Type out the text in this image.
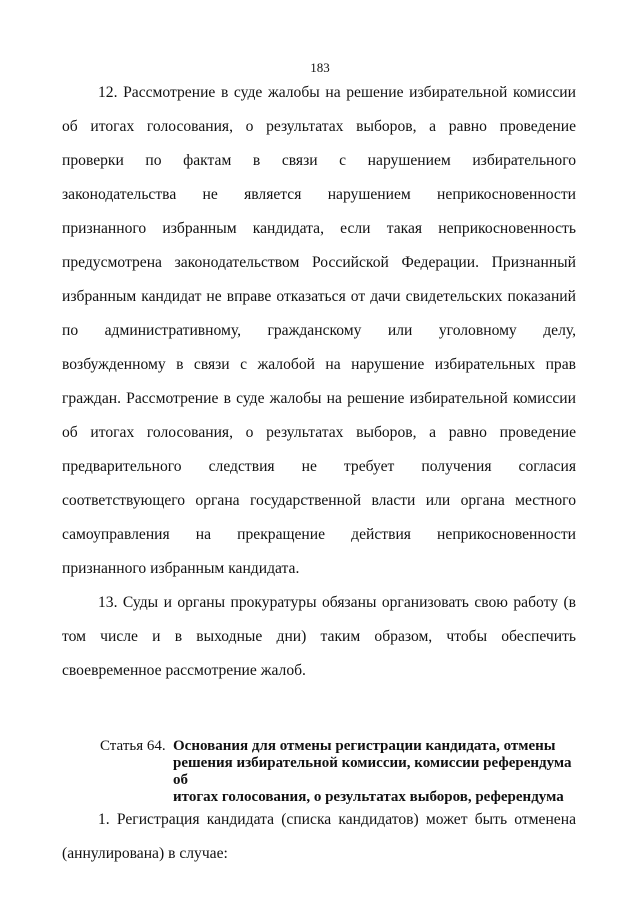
183

12. Рассмотрение в суде жалобы на решение избирательной комиссии

об итогах голосования, о результатах выборов, а равно проведение

проверки по фактам в связи с нарушением избирательного

законодательства не является нарушением неприкосновенности

признанного избранным кандидата, если такая неприкосновенность

предусмотрена законодательством Российской Федерации. Признанный

избранным кандидат не вправе отказаться от дачи свидетельских показаний

по административному, гражданскому или уголовному делу,

возбужденному в связи с жалобой на нарушение избирательных прав

граждан. Рассмотрение в суде жалобы на решение избирательной комиссии

об итогах голосования, о результатах выборов, а равно проведение

предварительного следствия не требует получения согласия

соответствующего органа государственной власти или органа местного

самоуправления на прекращение действия неприкосновенности

признанного избранным кандидата.

13. Суды и органы прокуратуры обязаны организовать свою работу (в

том числе и в выходные дни) таким образом, чтобы обеспечить

своевременное рассмотрение жалоб.

Статья 64. Основания для отмены регистрации кандидата, отмены
решения избирательной комиссии, комиссии референдума об
итогах голосования, о результатах выборов, референдума

1. Регистрация кандидата (списка кандидатов) может быть отменена

(аннулирована) в случае:
